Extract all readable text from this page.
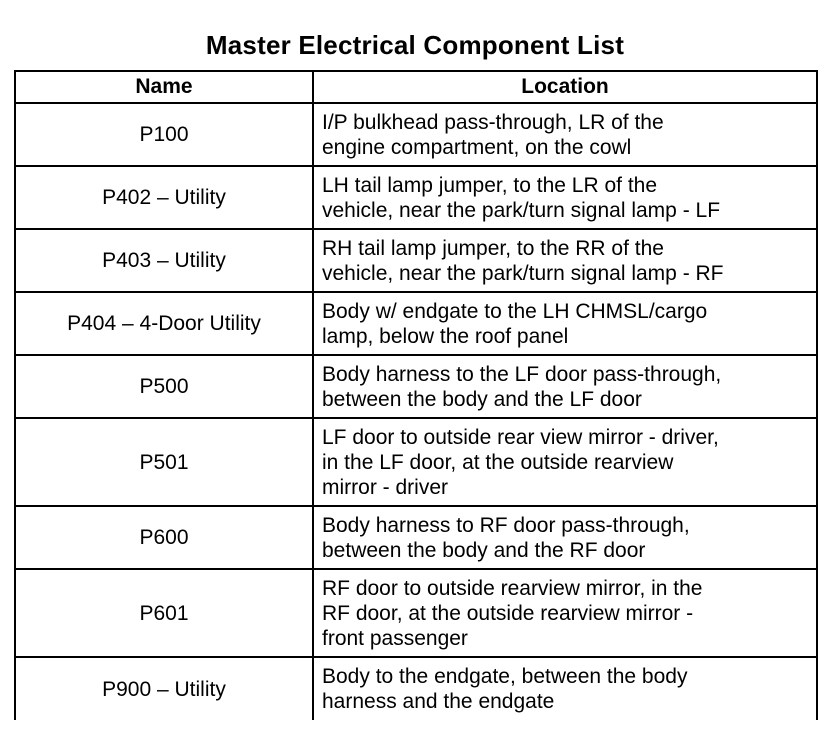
Master Electrical Component List
Name	Location
P100	I/P bulkhead pass-through, LR of the
engine compartment, on the cowl

P402 – Utility	LH tail lamp jumper, to the LR of the
vehicle, near the park/turn signal lamp - LF

P403 – Utility	RH tail lamp jumper, to the RR of the
vehicle, near the park/turn signal lamp - RF

P404 – 4-Door Utility	Body w/ endgate to the LH CHMSL/cargo
lamp, below the roof panel

P500	Body harness to the LF door pass-through,
between the body and the LF door

P501	LF door to outside rear view mirror - driver,
in the LF door, at the outside rearview
mirror - driver

P600	Body harness to RF door pass-through,
between the body and the RF door

P601	RF door to outside rearview mirror, in the
RF door, at the outside rearview mirror -
front passenger

P900 – Utility	Body to the endgate, between the body
harness and the endgate
